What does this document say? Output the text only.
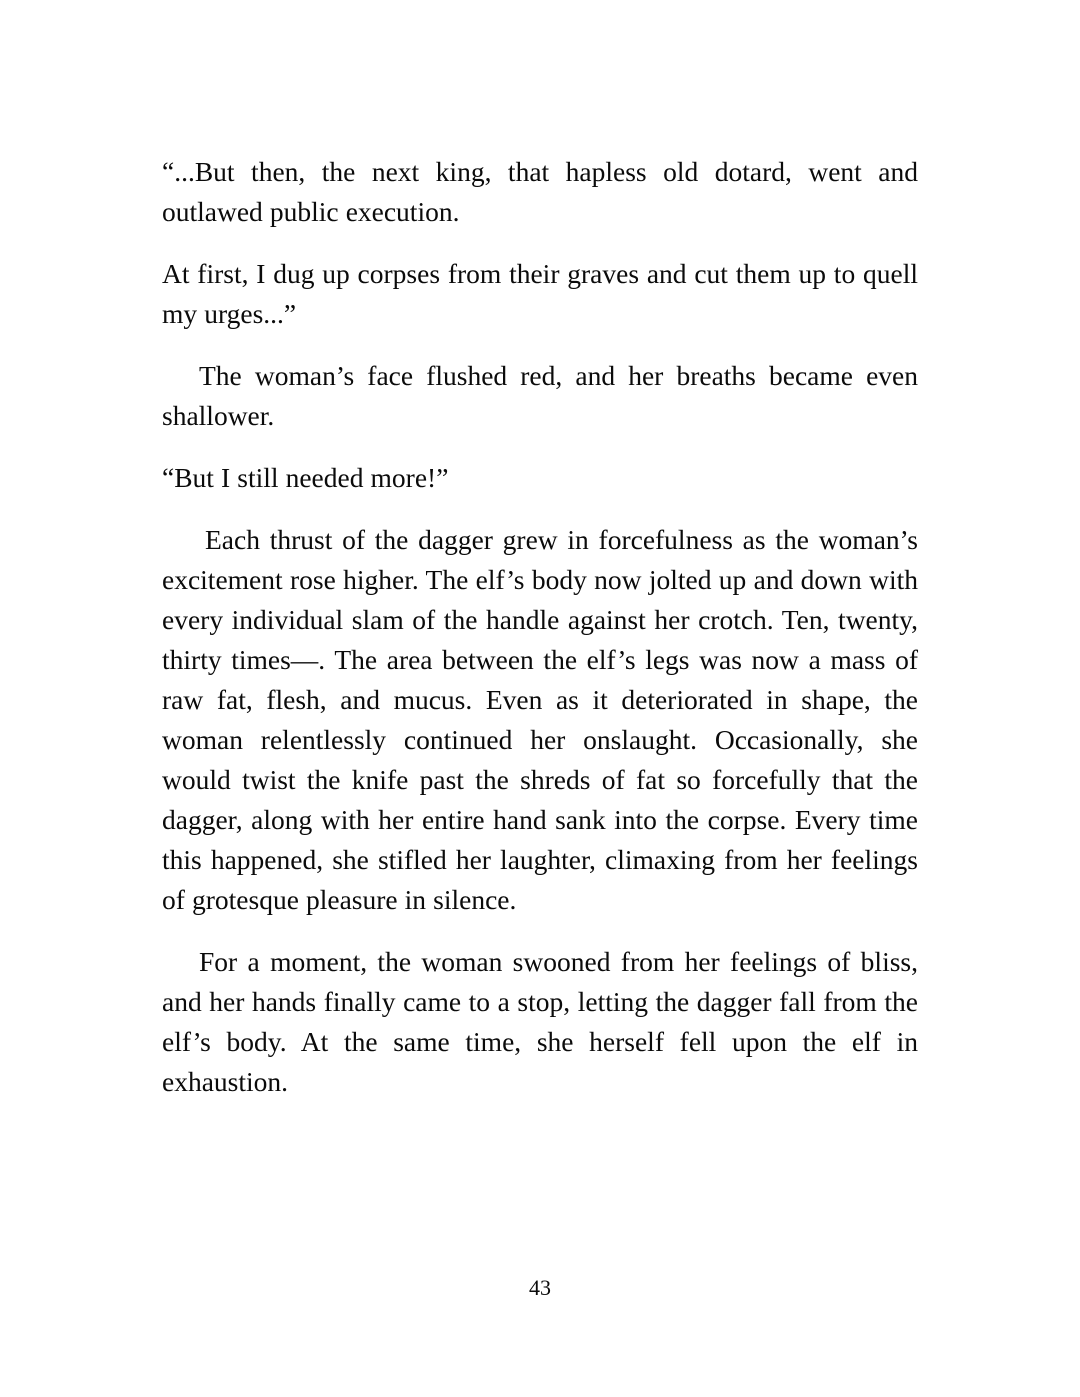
“...But then, the next king, that hapless old dotard, went and outlawed public execution.

At first, I dug up corpses from their graves and cut them up to quell my urges...”

The woman’s face flushed red, and her breaths became even shallower.

“But I still needed more!”

Each thrust of the dagger grew in forcefulness as the woman’s excitement rose higher. The elf’s body now jolted up and down with every individual slam of the handle against her crotch. Ten, twenty, thirty times—. The area between the elf’s legs was now a mass of raw fat, flesh, and mucus. Even as it deteriorated in shape, the woman relentlessly continued her onslaught. Occasionally, she would twist the knife past the shreds of fat so forcefully that the dagger, along with her entire hand sank into the corpse. Every time this happened, she stifled her laughter, climaxing from her feelings of grotesque pleasure in silence.

For a moment, the woman swooned from her feelings of bliss, and her hands finally came to a stop, letting the dagger fall from the elf’s body. At the same time, she herself fell upon the elf in exhaustion.

43
